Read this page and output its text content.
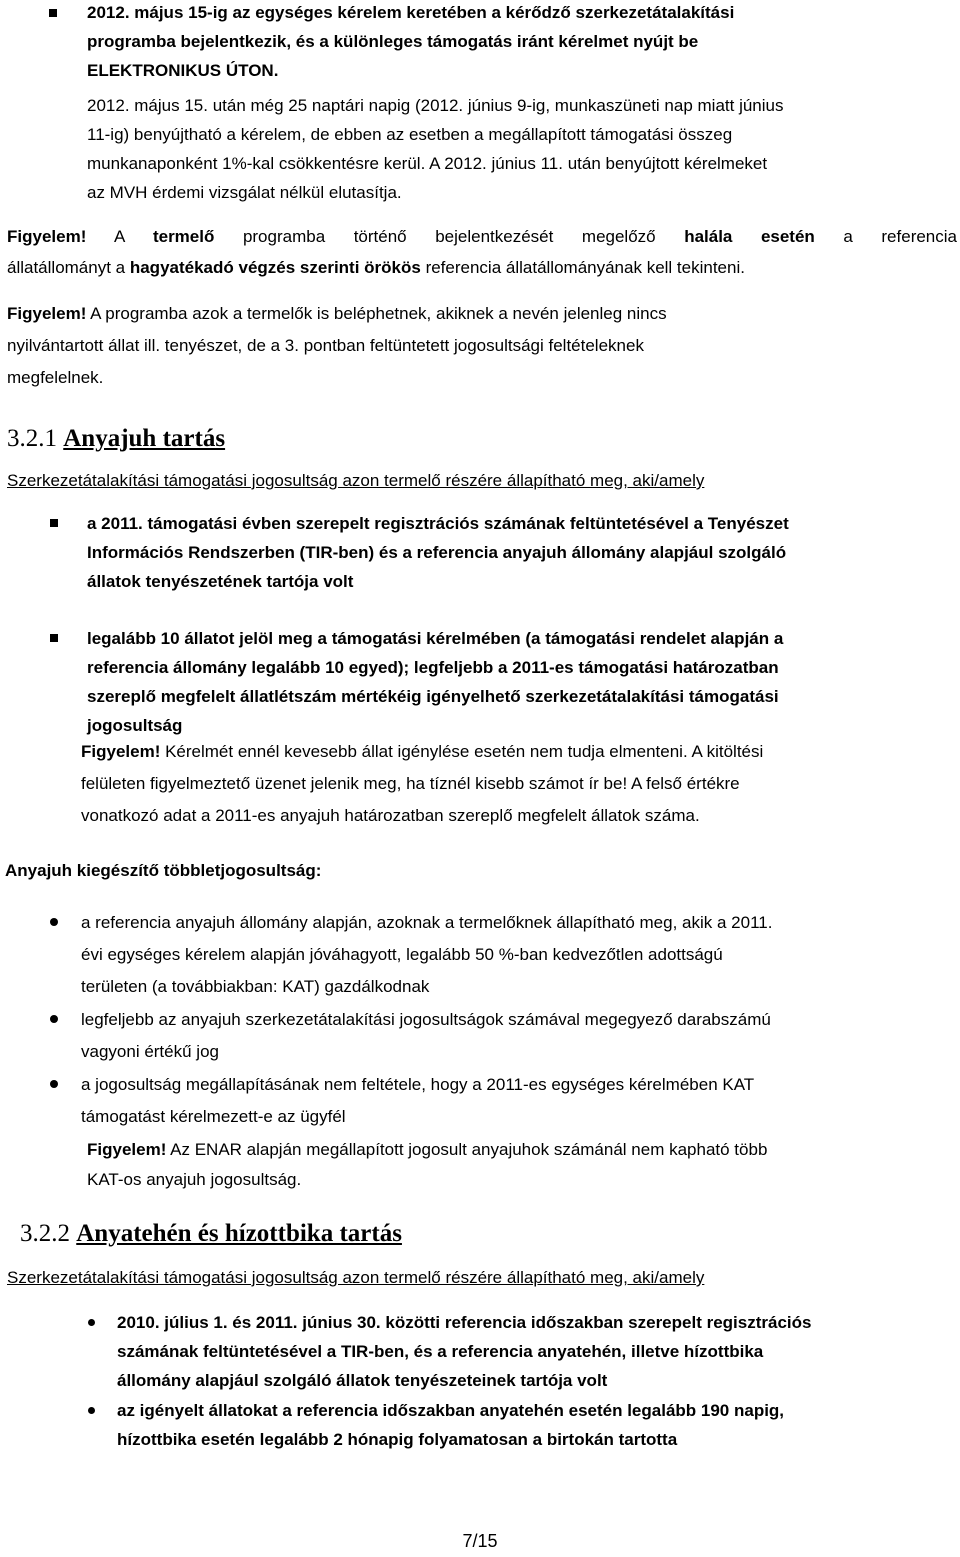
2012. május 15-ig az egységes kérelem keretében a kérődző szerkezetátalakítási
programba bejelentkezik, és a különleges támogatás iránt kérelmet nyújt be
ELEKTRONIKUS ÚTON.
2012. május 15. után még 25 naptári napig (2012. június 9-ig, munkaszüneti nap miatt június
11-ig) benyújtható a kérelem, de ebben az esetben a megállapított támogatási összeg
munkanaponként 1%-kal csökkentésre kerül. A 2012. június 11. után benyújtott kérelmeket
az MVH érdemi vizsgálat nélkül elutasítja.
Figyelem! A termelő programba történő bejelentkezését megelőző halála esetén a referencia
állatállományt a hagyatékadó végzés szerinti örökös referencia állatállományának kell tekinteni.
Figyelem! A programba azok a termelők is beléphetnek, akiknek a nevén jelenleg nincs
nyilvántartott állat ill. tenyészet, de a 3. pontban feltüntetett jogosultsági feltételeknek
megfelelnek.
3.2.1 Anyajuh tartás
Szerkezetátalakítási támogatási jogosultság azon termelő részére állapítható meg, aki/amely
a 2011. támogatási évben szerepelt regisztrációs számának feltüntetésével a Tenyészet
Információs Rendszerben (TIR-ben) és a referencia anyajuh állomány alapjául szolgáló
állatok tenyészetének tartója volt
legalább 10 állatot jelöl meg a támogatási kérelmében (a támogatási rendelet alapján a
referencia állomány legalább 10 egyed); legfeljebb a 2011-es támogatási határozatban
szereplő megfelelt állatlétszám mértékéig igényelhető szerkezetátalakítási támogatási
jogosultság
Figyelem! Kérelmét ennél kevesebb állat igénylése esetén nem tudja elmenteni. A kitöltési
felületen figyelmeztető üzenet jelenik meg, ha tíznél kisebb számot ír be! A felső értékre
vonatkozó adat a 2011-es anyajuh határozatban szereplő megfelelt állatok száma.
Anyajuh kiegészítő többletjogosultság:
a referencia anyajuh állomány alapján, azoknak a termelőknek állapítható meg, akik a 2011.
évi egységes kérelem alapján jóváhagyott, legalább 50 %-ban kedvezőtlen adottságú
területen (a továbbiakban: KAT) gazdálkodnak
legfeljebb az anyajuh szerkezetátalakítási jogosultságok számával megegyező darabszámú
vagyoni értékű jog
a jogosultság megállapításának nem feltétele, hogy a 2011-es egységes kérelmében KAT
támogatást kérelmezett-e az ügyfél
Figyelem! Az ENAR alapján megállapított jogosult anyajuhok számánál nem kapható több
KAT-os anyajuh jogosultság.
3.2.2 Anyatehén és hízottbika tartás
Szerkezetátalakítási támogatási jogosultság azon termelő részére állapítható meg, aki/amely
2010. július 1. és 2011. június 30. közötti referencia időszakban szerepelt regisztrációs
számának feltüntetésével a TIR-ben, és a referencia anyatehén, illetve hízottbika
állomány alapjául szolgáló állatok tenyészeteinek tartója volt
az igényelt állatokat a referencia időszakban anyatehén esetén legalább 190 napig,
hízottbika esetén legalább 2 hónapig folyamatosan a birtokán tartotta
7/15
